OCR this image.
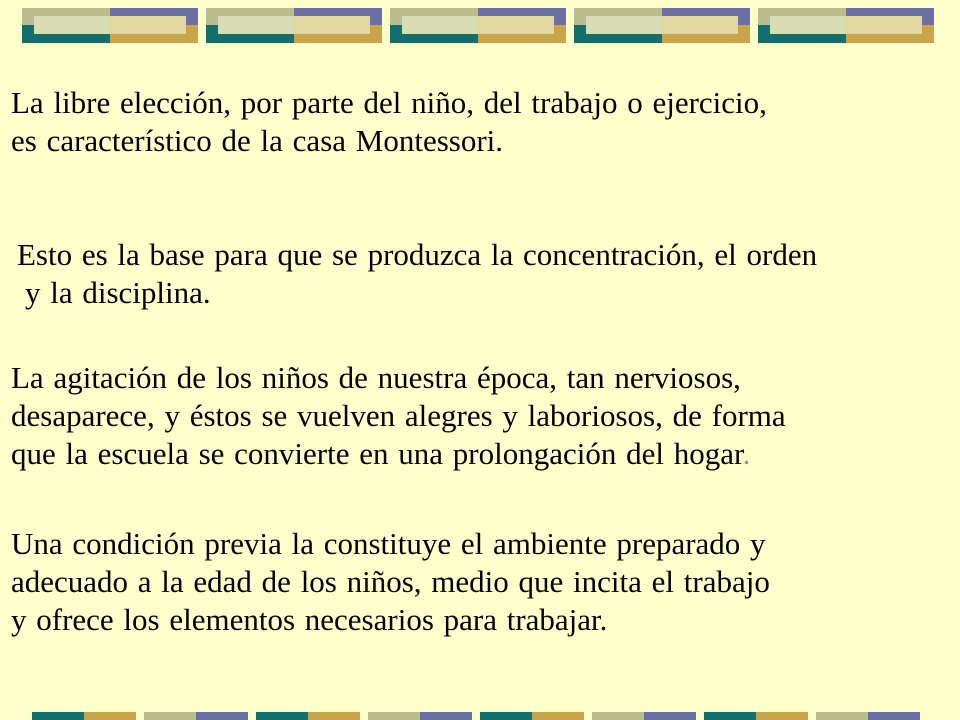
La libre elección, por parte del niño, del trabajo o ejercicio,
es característico de la casa Montessori.

Esto es la base para que se produzca la concentración, el orden
y la disciplina.

La agitación de los niños de nuestra época, tan nerviosos,
desaparece, y éstos se vuelven alegres y laboriosos, de forma
que la escuela se convierte en una prolongación del hogar.

Una condición previa la constituye el ambiente preparado y
adecuado a la edad de los niños, medio que incita el trabajo
y ofrece los elementos necesarios para trabajar.
